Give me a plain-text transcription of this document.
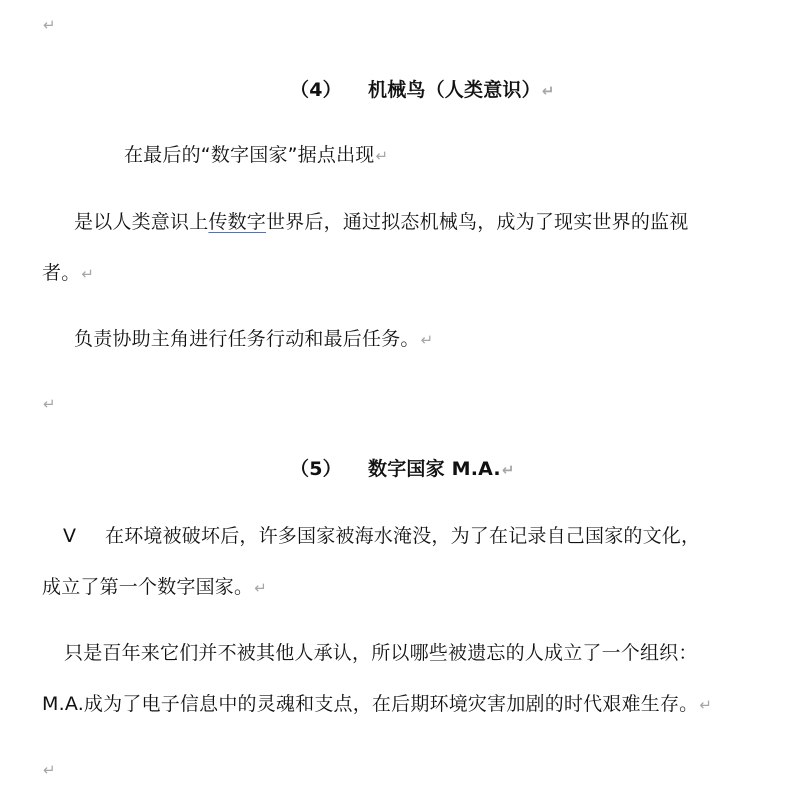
↵
（4） 机械鸟（人类意识）↵
在最后的“数字国家”据点出现↵
是以人类意识上传数字世界后，通过拟态机械鸟，成为了现实世界的监视
者。↵
负责协助主角进行任务行动和最后任务。↵
↵
（5） 数字国家 M.A.↵
V 在环境被破坏后，许多国家被海水淹没，为了在记录自己国家的文化，
成立了第一个数字国家。↵
只是百年来它们并不被其他人承认，所以哪些被遗忘的人成立了一个组织：
M.A.成为了电子信息中的灵魂和支点，在后期环境灾害加剧的时代艰难生存。↵
↵
